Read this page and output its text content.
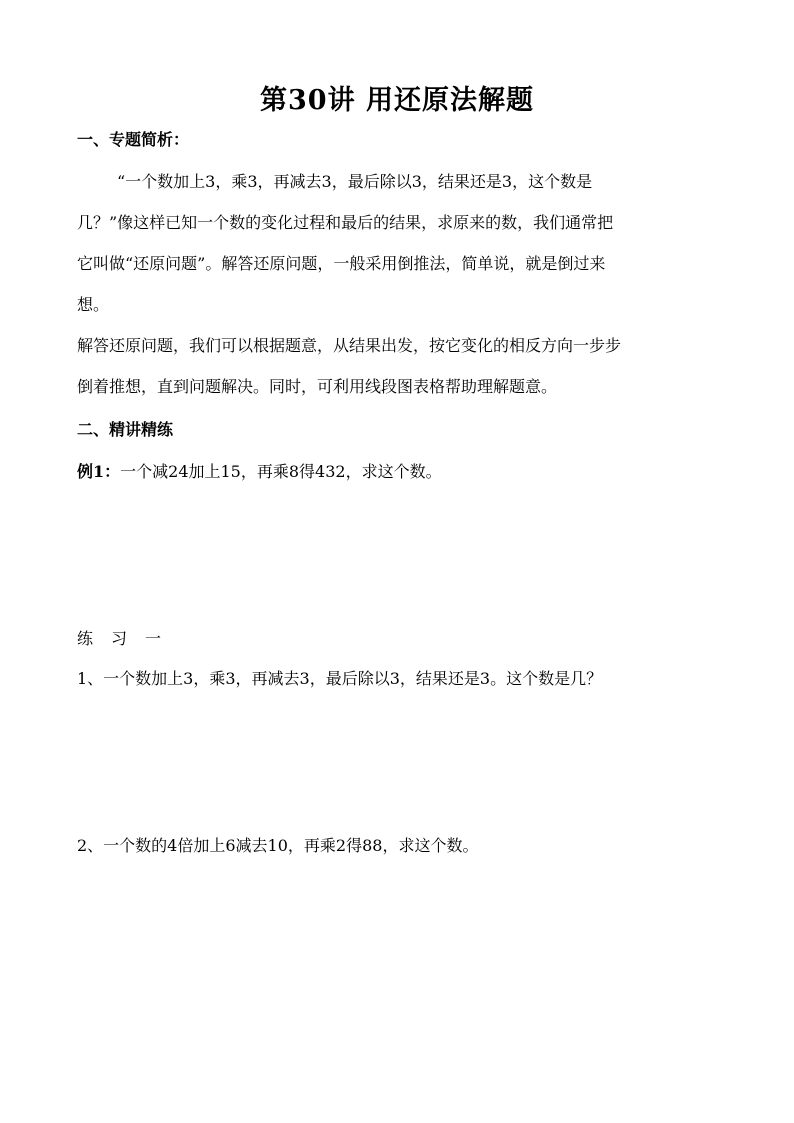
第30讲 用还原法解题
一、专题简析：
“一个数加上3，乘3，再减去3，最后除以3，结果还是3，这个数是
几？”像这样已知一个数的变化过程和最后的结果，求原来的数，我们通常把
它叫做“还原问题”。解答还原问题，一般采用倒推法，简单说，就是倒过来
想。
解答还原问题，我们可以根据题意，从结果出发，按它变化的相反方向一步步
倒着推想，直到问题解决。同时，可利用线段图表格帮助理解题意。
二、精讲精练
例1：一个减24加上15，再乘8得432，求这个数。
练习一
1、一个数加上3，乘3，再减去3，最后除以3，结果还是3。这个数是几？
2、一个数的4倍加上6减去10，再乘2得88，求这个数。
